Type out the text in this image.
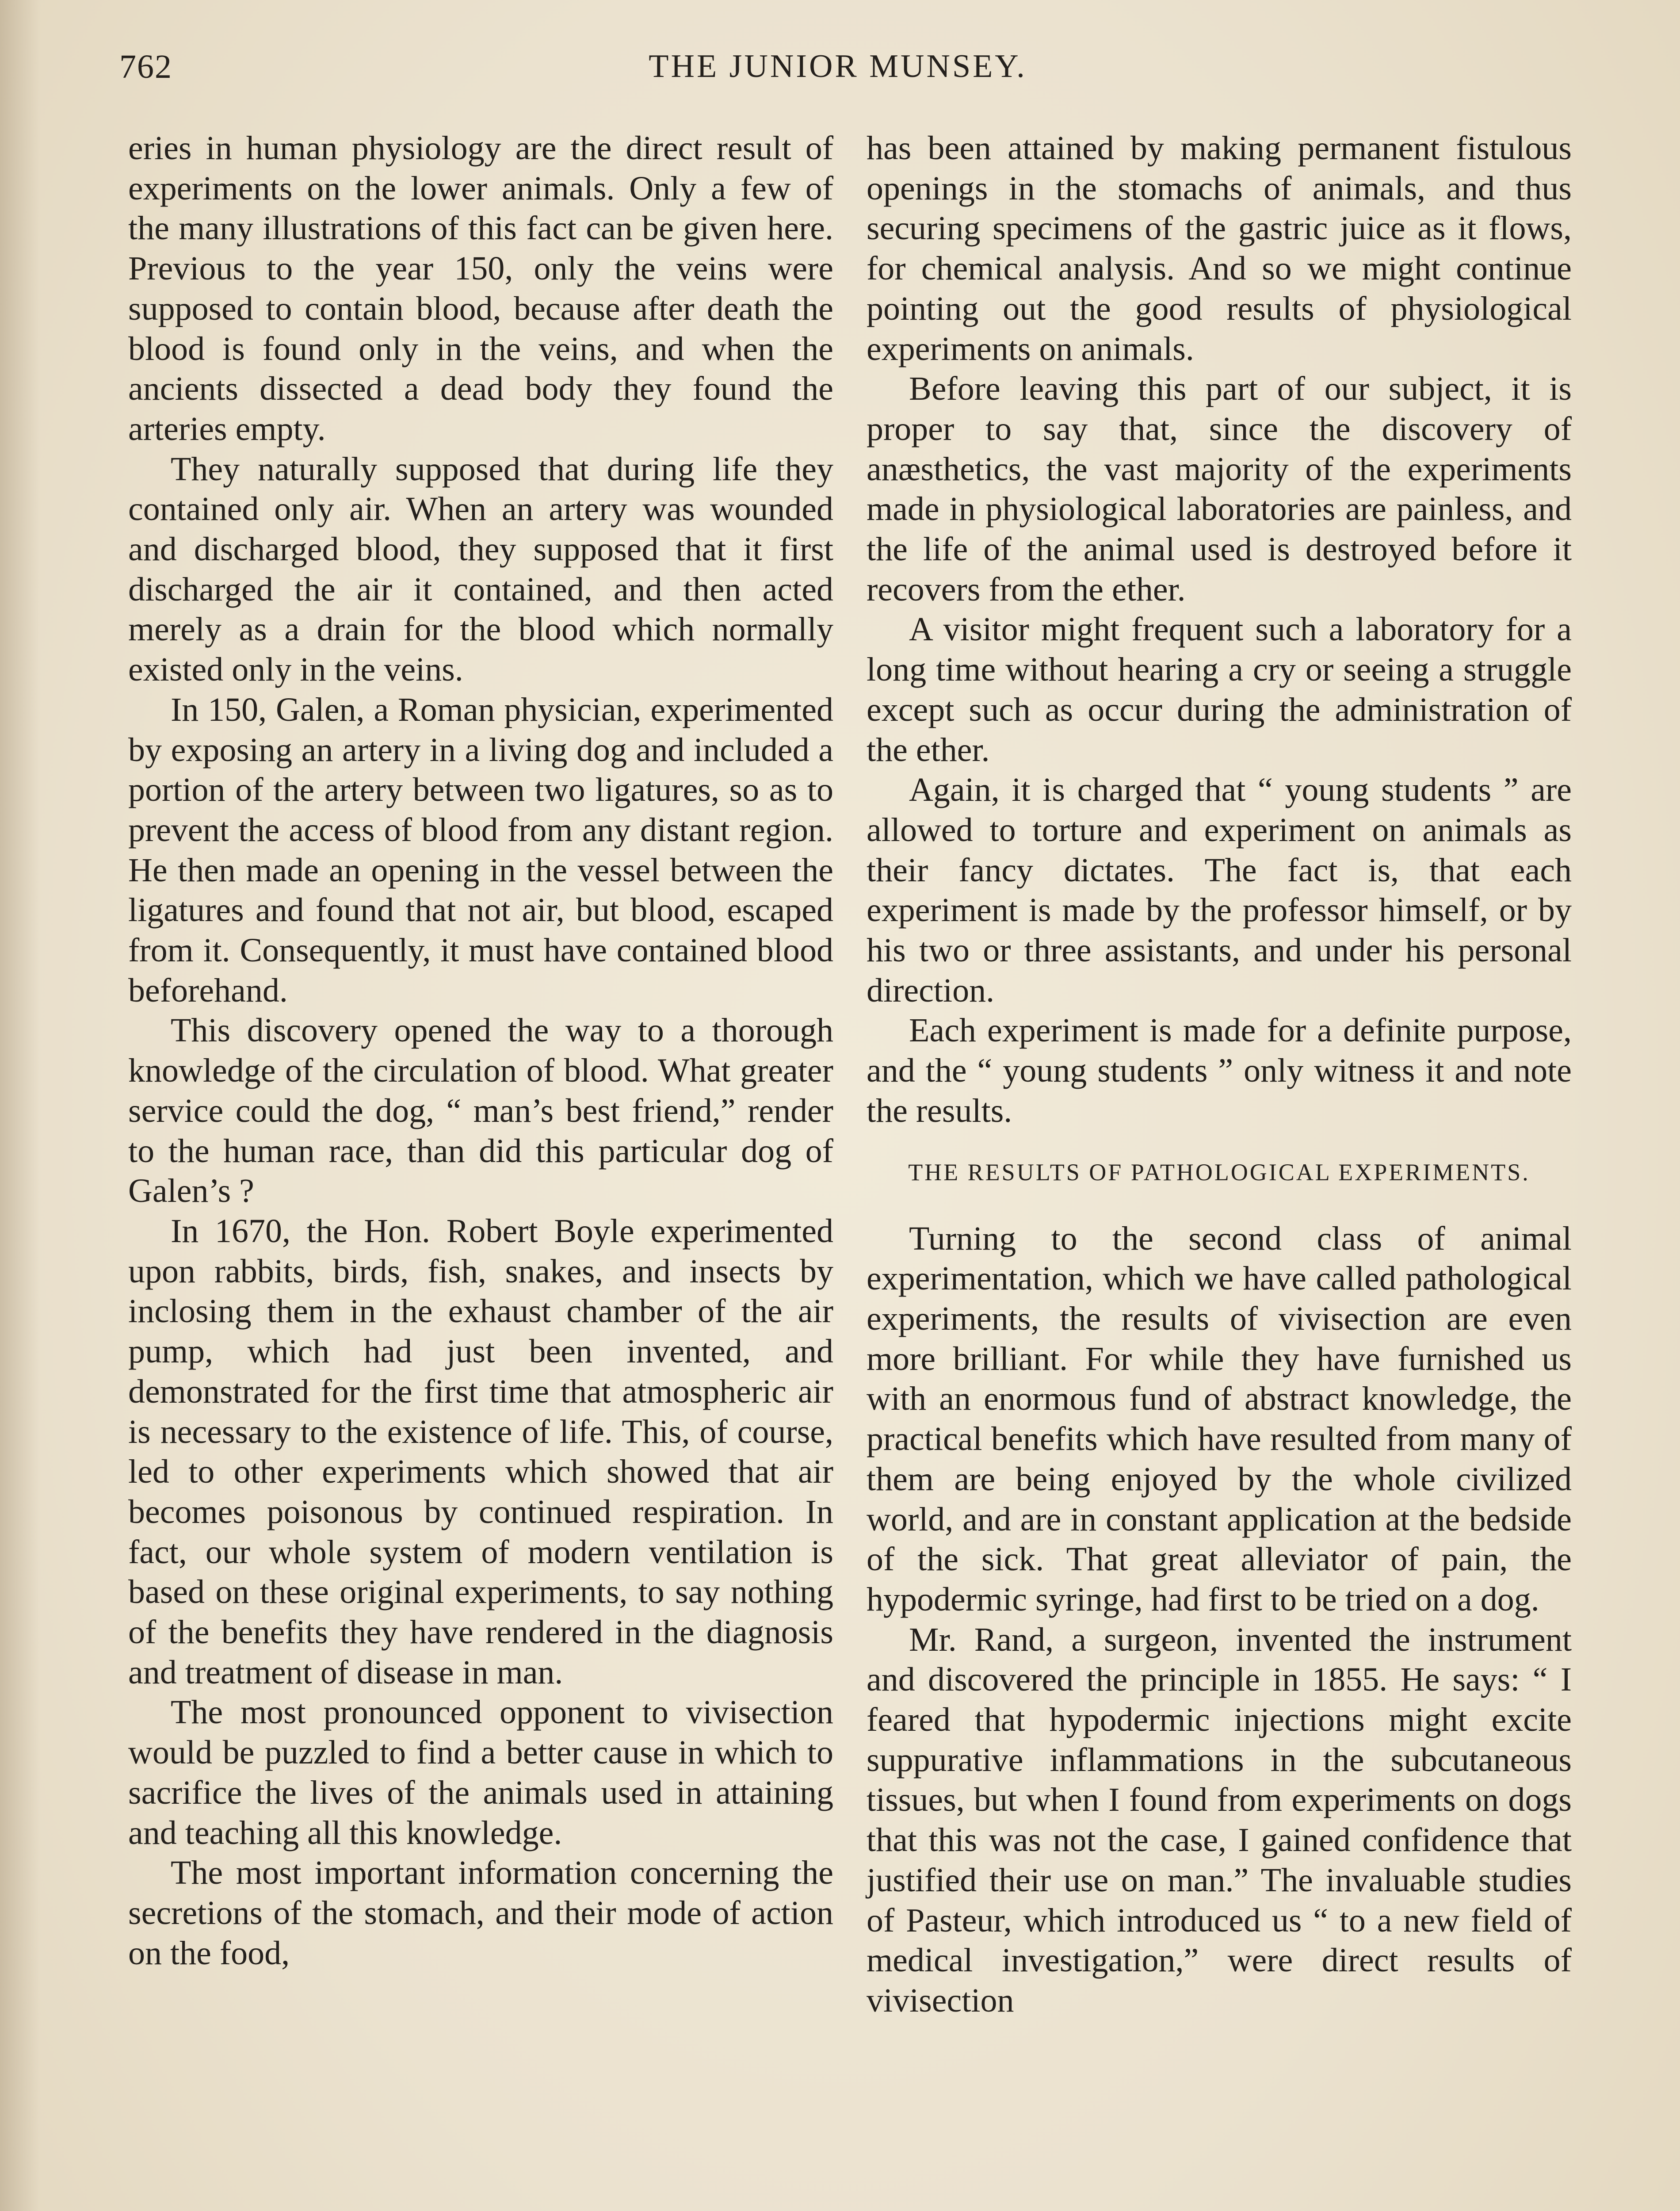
762	THE JUNIOR MUNSEY.

eries in human physiology are the direct result of experiments on the lower animals. Only a few of the many illustrations of this fact can be given here. Previous to the year 150, only the veins were supposed to contain blood, because after death the blood is found only in the veins, and when the ancients dissected a dead body they found the arteries empty.

They naturally supposed that during life they contained only air. When an artery was wounded and discharged blood, they supposed that it first discharged the air it contained, and then acted merely as a drain for the blood which normally existed only in the veins.

In 150, Galen, a Roman physician, experimented by exposing an artery in a living dog and included a portion of the artery between two ligatures, so as to prevent the access of blood from any distant region. He then made an opening in the vessel between the ligatures and found that not air, but blood, escaped from it. Consequently, it must have contained blood beforehand.

This discovery opened the way to a thorough knowledge of the circulation of blood. What greater service could the dog, “ man’s best friend,” render to the human race, than did this particular dog of Galen’s ?

In 1670, the Hon. Robert Boyle experimented upon rabbits, birds, fish, snakes, and insects by inclosing them in the exhaust chamber of the air pump, which had just been invented, and demonstrated for the first time that atmospheric air is necessary to the existence of life. This, of course, led to other experiments which showed that air becomes poisonous by continued respiration. In fact, our whole system of modern ventilation is based on these original experiments, to say nothing of the benefits they have rendered in the diagnosis and treatment of disease in man.

The most pronounced opponent to vivisection would be puzzled to find a better cause in which to sacrifice the lives of the animals used in attaining and teaching all this knowledge.

The most important information concerning the secretions of the stomach, and their mode of action on the food,

has been attained by making permanent fistulous openings in the stomachs of animals, and thus securing specimens of the gastric juice as it flows, for chemical analysis. And so we might continue pointing out the good results of physiological experiments on animals.

Before leaving this part of our subject, it is proper to say that, since the discovery of anæsthetics, the vast majority of the experiments made in physiological laboratories are painless, and the life of the animal used is destroyed before it recovers from the ether.

A visitor might frequent such a laboratory for a long time without hearing a cry or seeing a struggle except such as occur during the administration of the ether.

Again, it is charged that “ young students ” are allowed to torture and experiment on animals as their fancy dictates. The fact is, that each experiment is made by the professor himself, or by his two or three assistants, and under his personal direction.

Each experiment is made for a definite purpose, and the “ young students ” only witness it and note the results.

THE RESULTS OF PATHOLOGICAL EXPERIMENTS.

Turning to the second class of animal experimentation, which we have called pathological experiments, the results of vivisection are even more brilliant. For while they have furnished us with an enormous fund of abstract knowledge, the practical benefits which have resulted from many of them are being enjoyed by the whole civilized world, and are in constant application at the bedside of the sick. That great alleviator of pain, the hypodermic syringe, had first to be tried on a dog.

Mr. Rand, a surgeon, invented the instrument and discovered the principle in 1855. He says: “ I feared that hypodermic injections might excite suppurative inflammations in the subcutaneous tissues, but when I found from experiments on dogs that this was not the case, I gained confidence that justified their use on man.” The invaluable studies of Pasteur, which introduced us “ to a new field of medical investigation,” were direct results of vivisection
